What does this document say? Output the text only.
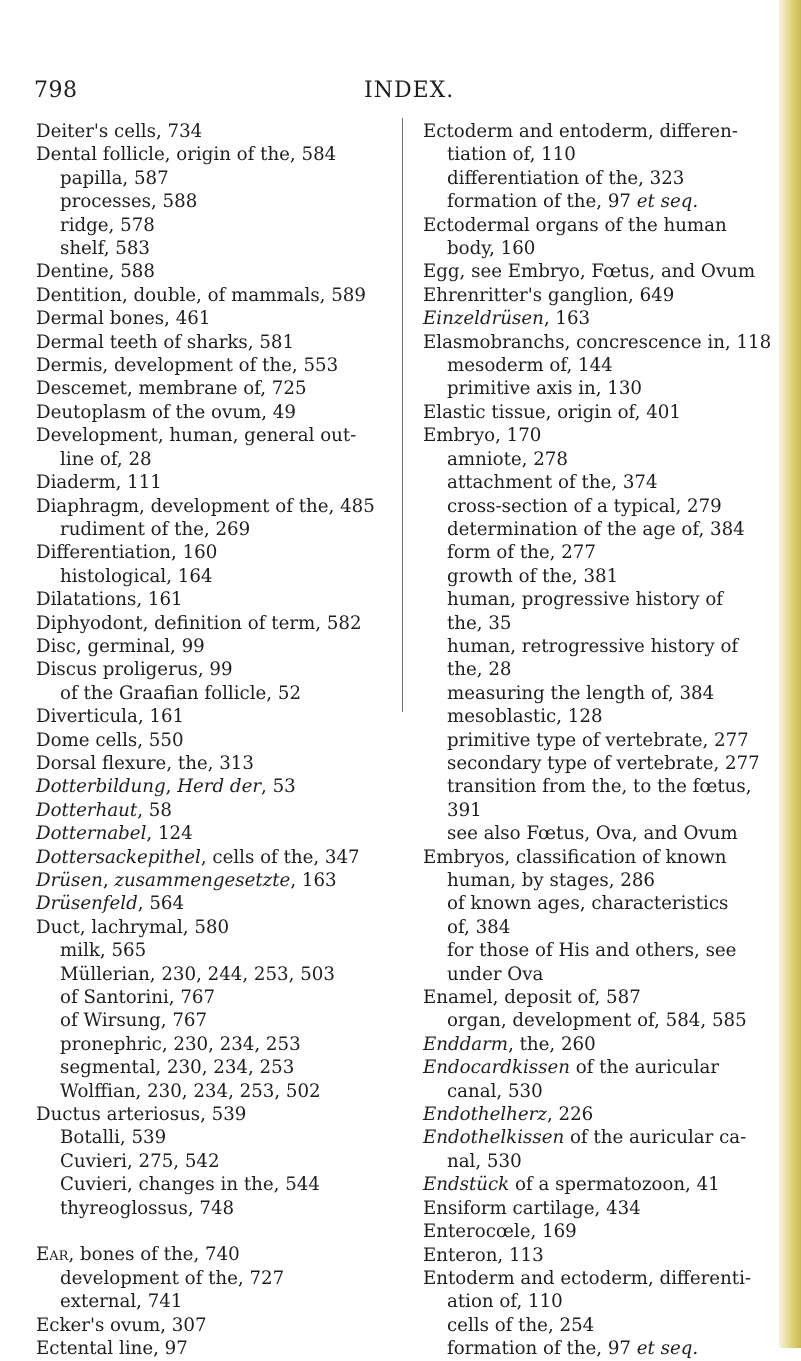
798	INDEX.
Deiter's cells, 734
Dental follicle, origin of the, 584
papilla, 587
processes, 588
ridge, 578
shelf, 583
Dentine, 588
Dentition, double, of mammals, 589
Dermal bones, 461
Dermal teeth of sharks, 581
Dermis, development of the, 553
Descemet, membrane of, 725
Deutoplasm of the ovum, 49
Development, human, general out-
line of, 28
Diaderm, 111
Diaphragm, development of the, 485
rudiment of the, 269
Differentiation, 160
histological, 164
Dilatations, 161
Diphyodont, definition of term, 582
Disc, germinal, 99
Discus proligerus, 99
of the Graafian follicle, 52
Diverticula, 161
Dome cells, 550
Dorsal flexure, the, 313
Dotterbildung, Herd der, 53
Dotterhaut, 58
Dotternabel, 124
Dottersackepithel, cells of the, 347
Drüsen, zusammengesetzte, 163
Drüsenfeld, 564
Duct, lachrymal, 580
milk, 565
Müllerian, 230, 244, 253, 503
of Santorini, 767
of Wirsung, 767
pronephric, 230, 234, 253
segmental, 230, 234, 253
Wolffian, 230, 234, 253, 502
Ductus arteriosus, 539
Botalli, 539
Cuvieri, 275, 542
Cuvieri, changes in the, 544
thyreoglossus, 748
Ear, bones of the, 740
development of the, 727
external, 741
Ecker's ovum, 307
Ectental line, 97
Ectoderm and entoderm, differen-
tiation of, 110
differentiation of the, 323
formation of the, 97 et seq.
Ectodermal organs of the human
body, 160
Egg, see Embryo, Fœtus, and Ovum
Ehrenritter's ganglion, 649
Einzeldrüsen, 163
Elasmobranchs, concrescence in, 118
mesoderm of, 144
primitive axis in, 130
Elastic tissue, origin of, 401
Embryo, 170
amniote, 278
attachment of the, 374
cross-section of a typical, 279
determination of the age of, 384
form of the, 277
growth of the, 381
human, progressive history of
the, 35
human, retrogressive history of
the, 28
measuring the length of, 384
mesoblastic, 128
primitive type of vertebrate, 277
secondary type of vertebrate, 277
transition from the, to the fœtus,
391
see also Fœtus, Ova, and Ovum
Embryos, classification of known
human, by stages, 286
of known ages, characteristics
of, 384
for those of His and others, see
under Ova
Enamel, deposit of, 587
organ, development of, 584, 585
Enddarm, the, 260
Endocardkissen of the auricular
canal, 530
Endothelherz, 226
Endothelkissen of the auricular ca-
nal, 530
Endstück of a spermatozoon, 41
Ensiform cartilage, 434
Enterocœle, 169
Enteron, 113
Entoderm and ectoderm, differenti-
ation of, 110
cells of the, 254
formation of the, 97 et seq.
